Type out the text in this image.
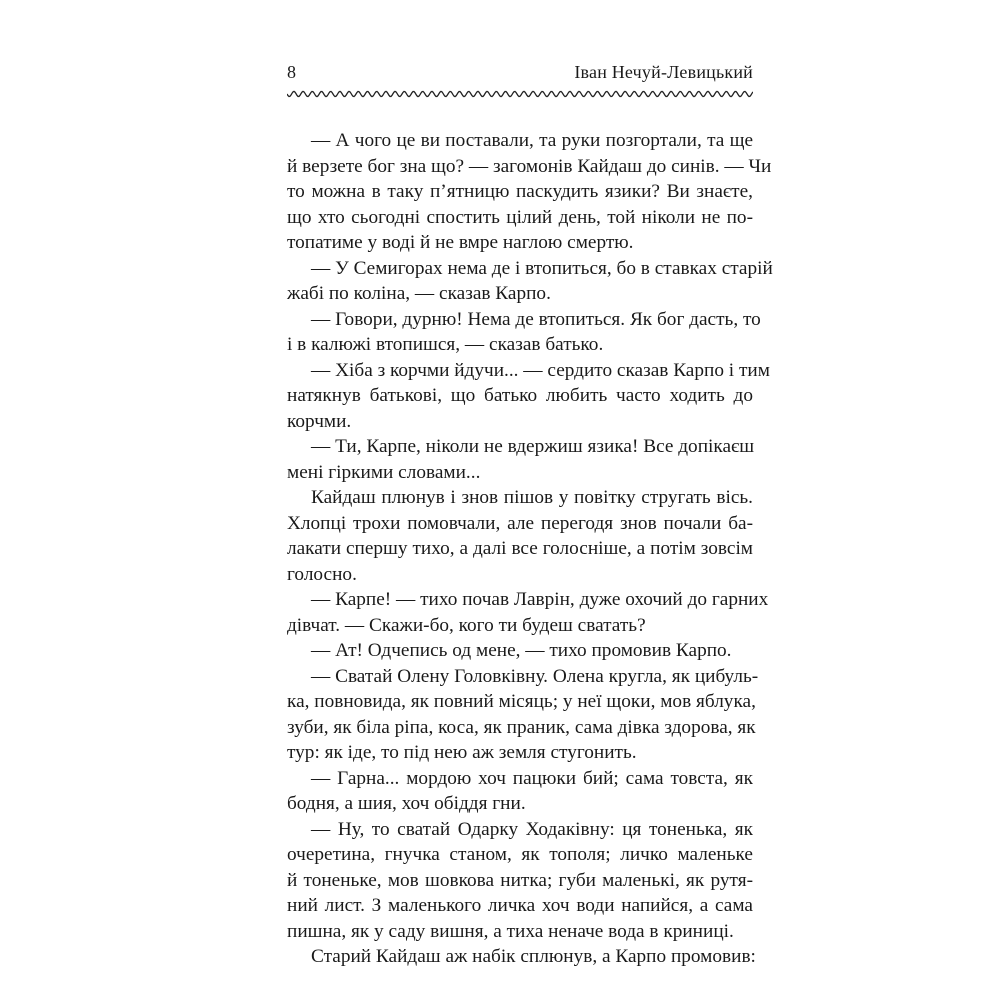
8	Іван Нечуй-Левицький
— А чого це ви поставали, та руки позгортали, та ще
й верзете бог зна що? — загомонів Кайдаш до синів. — Чи
то можна в таку п’ятницю паскудить язики? Ви знаєте,
що хто сьогодні спостить цілий день, той ніколи не по-
топатиме у воді й не вмре наглою смертю.
— У Семигорах нема де і втопиться, бо в ставках старій
жабі по коліна, — сказав Карпо.
— Говори, дурню! Нема де втопиться. Як бог дасть, то
і в калюжі втопишся, — сказав батько.
— Хіба з корчми йдучи... — сердито сказав Карпо і тим
натякнув батькові, що батько любить часто ходить до
корчми.
— Ти, Карпе, ніколи не вдержиш язика! Все допікаєш
мені гіркими словами...
Кайдаш плюнув і знов пішов у повітку стругать вісь.
Хлопці трохи помовчали, але перегодя знов почали ба-
лакати спершу тихо, а далі все голосніше, а потім зовсім
голосно.
— Карпе! — тихо почав Лаврін, дуже охочий до гарних
дівчат. — Скажи-бо, кого ти будеш сватать?
— Ат! Одчепись од мене, — тихо промовив Карпо.
— Сватай Олену Головківну. Олена кругла, як цибуль-
ка, повновида, як повний місяць; у неї щоки, мов яблука,
зуби, як біла ріпа, коса, як праник, сама дівка здорова, як
тур: як іде, то під нею аж земля стугонить.
— Гарна... мордою хоч пацюки бий; сама товста, як
бодня, а шия, хоч обіддя гни.
— Ну, то сватай Одарку Ходаківну: ця тоненька, як
очеретина, гнучка станом, як тополя; личко маленьке
й тоненьке, мов шовкова нитка; губи маленькі, як рутя-
ний лист. З маленького личка хоч води напийся, а сама
пишна, як у саду вишня, а тиха неначе вода в криниці.
Старий Кайдаш аж набік сплюнув, а Карпо промовив:
